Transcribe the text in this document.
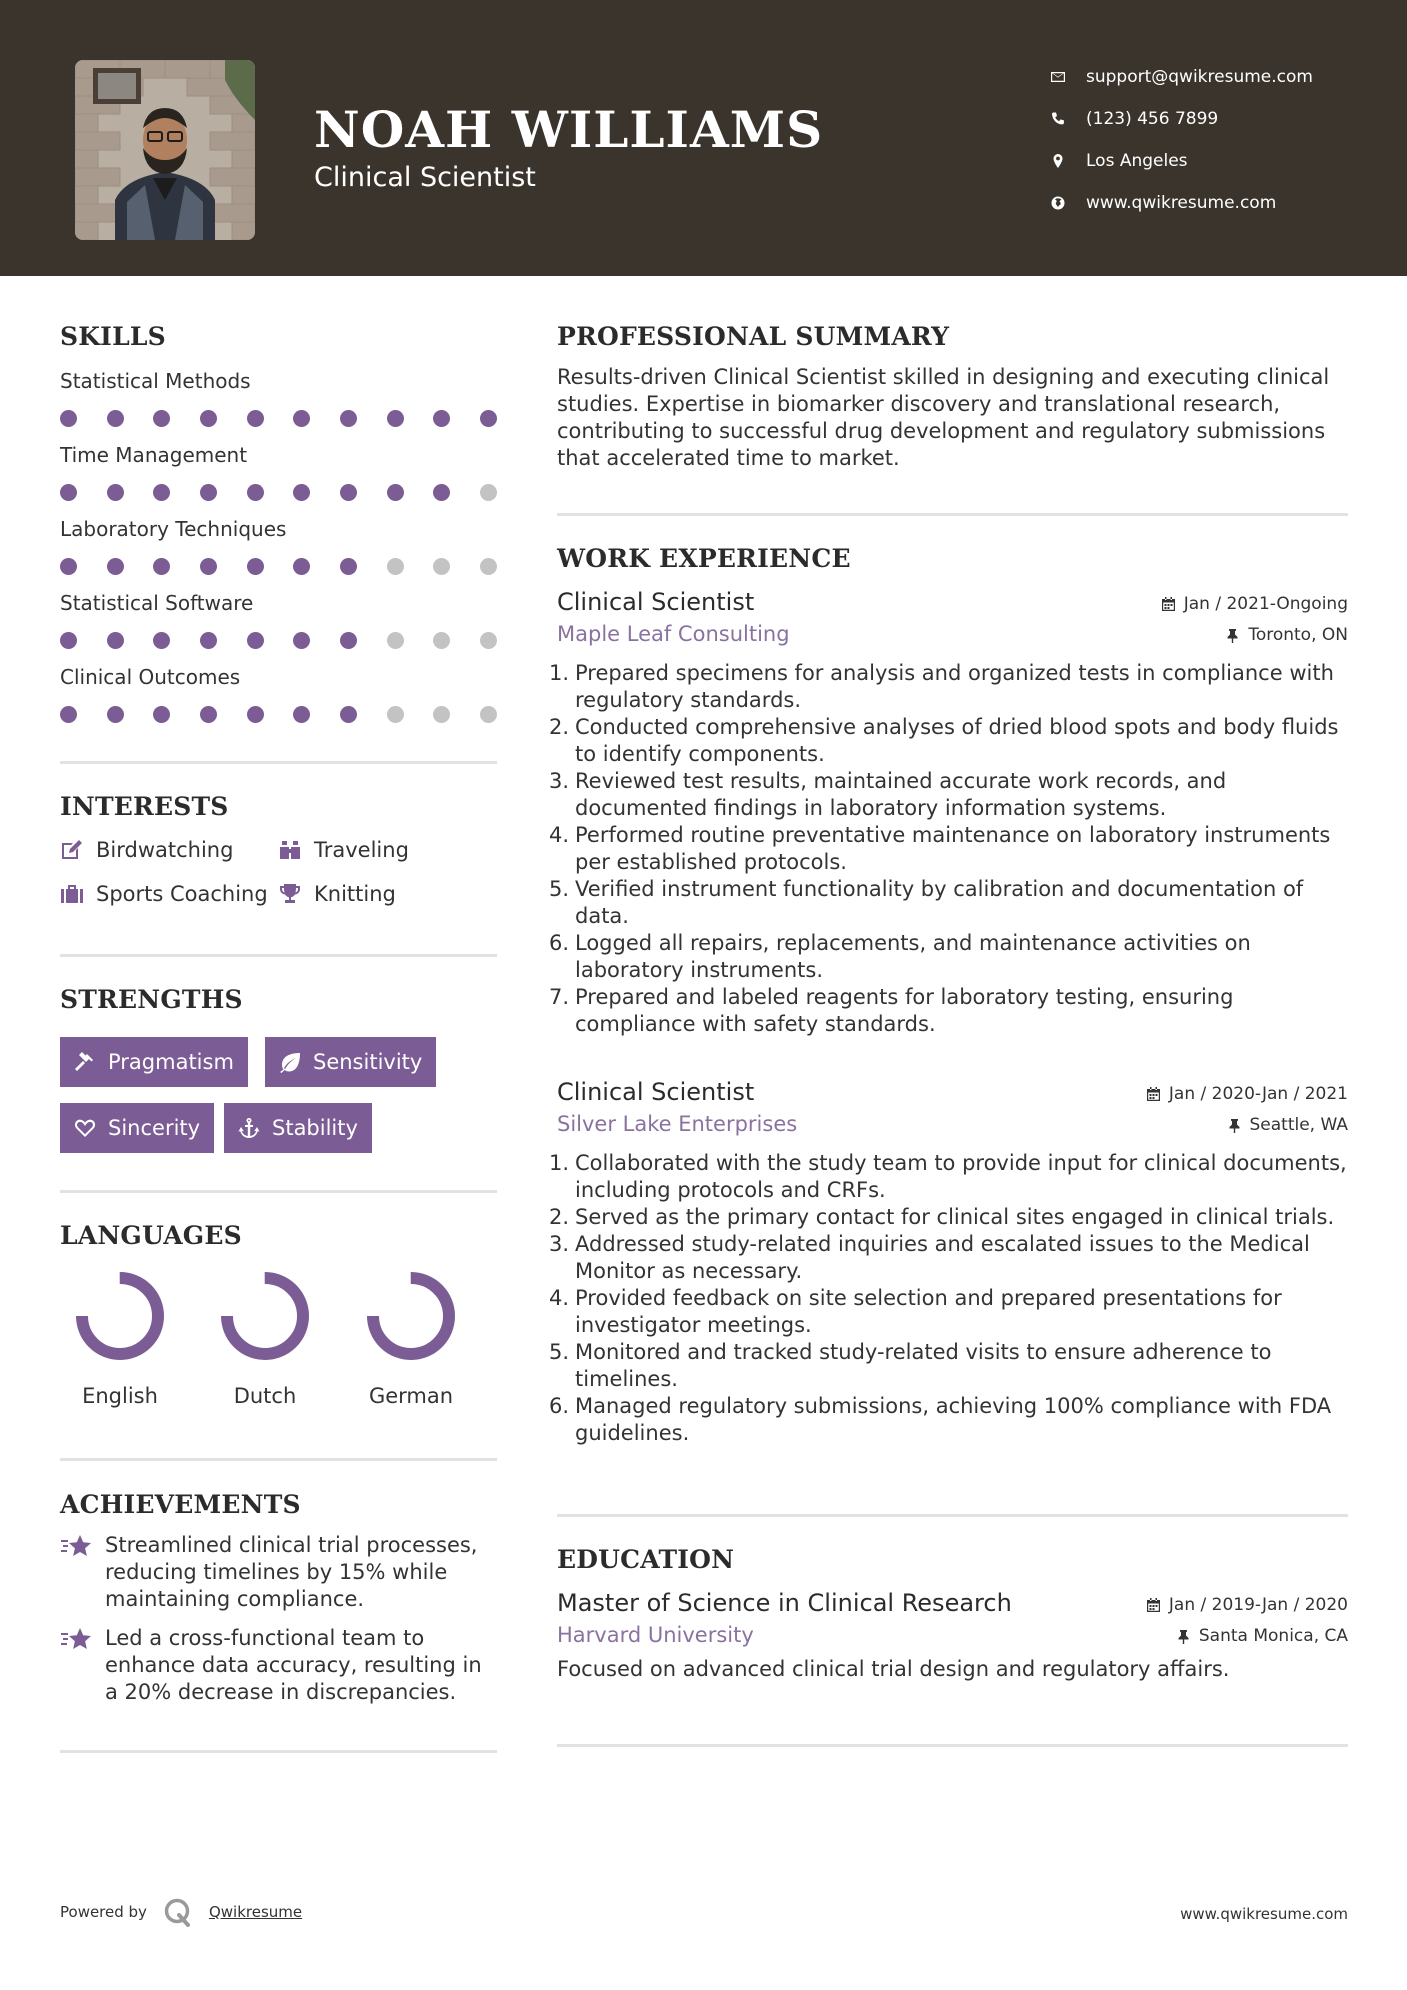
NOAH WILLIAMS
Clinical Scientist
support@qwikresume.com
(123) 456 7899
Los Angeles
www.qwikresume.com
SKILLS
Statistical Methods
Time Management
Laboratory Techniques
Statistical Software
Clinical Outcomes
INTERESTS
Birdwatching	Traveling
Sports Coaching Knitting
STRENGTHS
Pragmatism	Sensitivity
Sincerity	Stability
LANGUAGES
English	Dutch	German
ACHIEVEMENTS
Streamlined clinical trial processes, reducing timelines by 15% while maintaining compliance.
Led a cross-functional team to enhance data accuracy, resulting in a 20% decrease in discrepancies.
PROFESSIONAL SUMMARY
Results-driven Clinical Scientist skilled in designing and executing clinical studies. Expertise in biomarker discovery and translational research, contributing to successful drug development and regulatory submissions that accelerated time to market.
WORK EXPERIENCE
Clinical Scientist
Maple Leaf Consulting
Jan / 2021-Ongoing
Toronto, ON
1. Prepared specimens for analysis and organized tests in compliance with regulatory standards.
2. Conducted comprehensive analyses of dried blood spots and body fluids to identify components.
3. Reviewed test results, maintained accurate work records, and documented findings in laboratory information systems.
4. Performed routine preventative maintenance on laboratory instruments per established protocols.
5. Verified instrument functionality by calibration and documentation of data.
6. Logged all repairs, replacements, and maintenance activities on laboratory instruments.
7. Prepared and labeled reagents for laboratory testing, ensuring compliance with safety standards.
Clinical Scientist
Silver Lake Enterprises
Jan / 2020-Jan / 2021
Seattle, WA
1. Collaborated with the study team to provide input for clinical documents, including protocols and CRFs.
2. Served as the primary contact for clinical sites engaged in clinical trials.
3. Addressed study-related inquiries and escalated issues to the Medical Monitor as necessary.
4. Provided feedback on site selection and prepared presentations for investigator meetings.
5. Monitored and tracked study-related visits to ensure adherence to timelines.
6. Managed regulatory submissions, achieving 100% compliance with FDA guidelines.
EDUCATION
Master of Science in Clinical Research
Harvard University
Jan / 2019-Jan / 2020
Santa Monica, CA
Focused on advanced clinical trial design and regulatory affairs.
Powered by	Qwikresume	www.qwikresume.com
